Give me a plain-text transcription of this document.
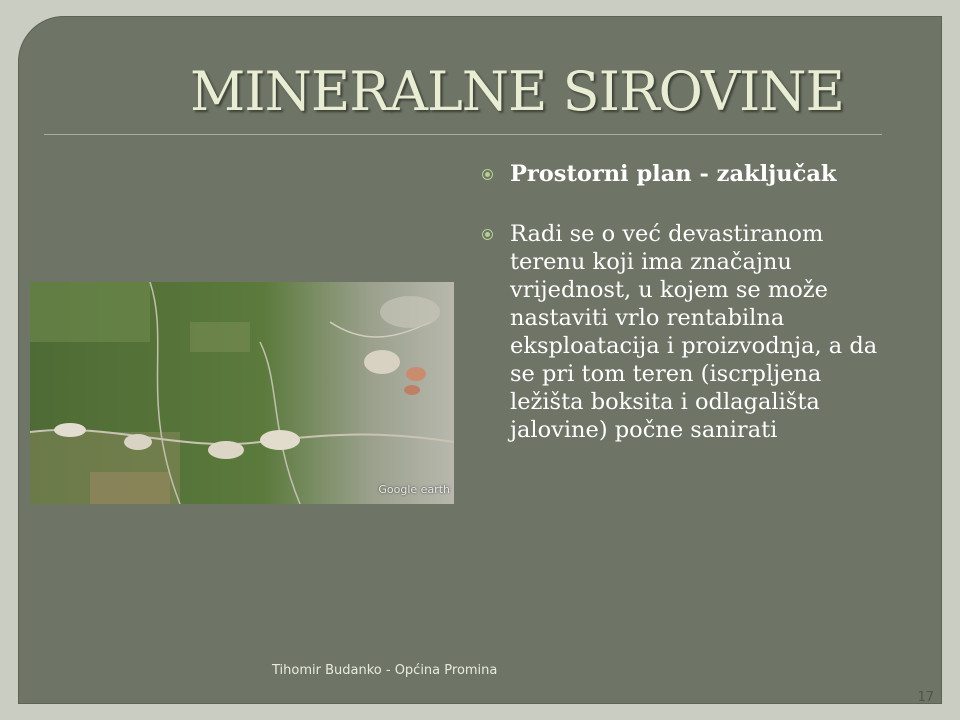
MINERALNE SIROVINE
Google earth
Prostorni plan - zaključak
Radi se o već devastiranom terenu koji ima značajnu vrijednost, u kojem se može nastaviti vrlo rentabilna eksploatacija i proizvodnja, a da se pri tom teren (iscrpljena ležišta boksita i odlagališta jalovine) počne sanirati
Tihomir Budanko - Općina Promina
17
